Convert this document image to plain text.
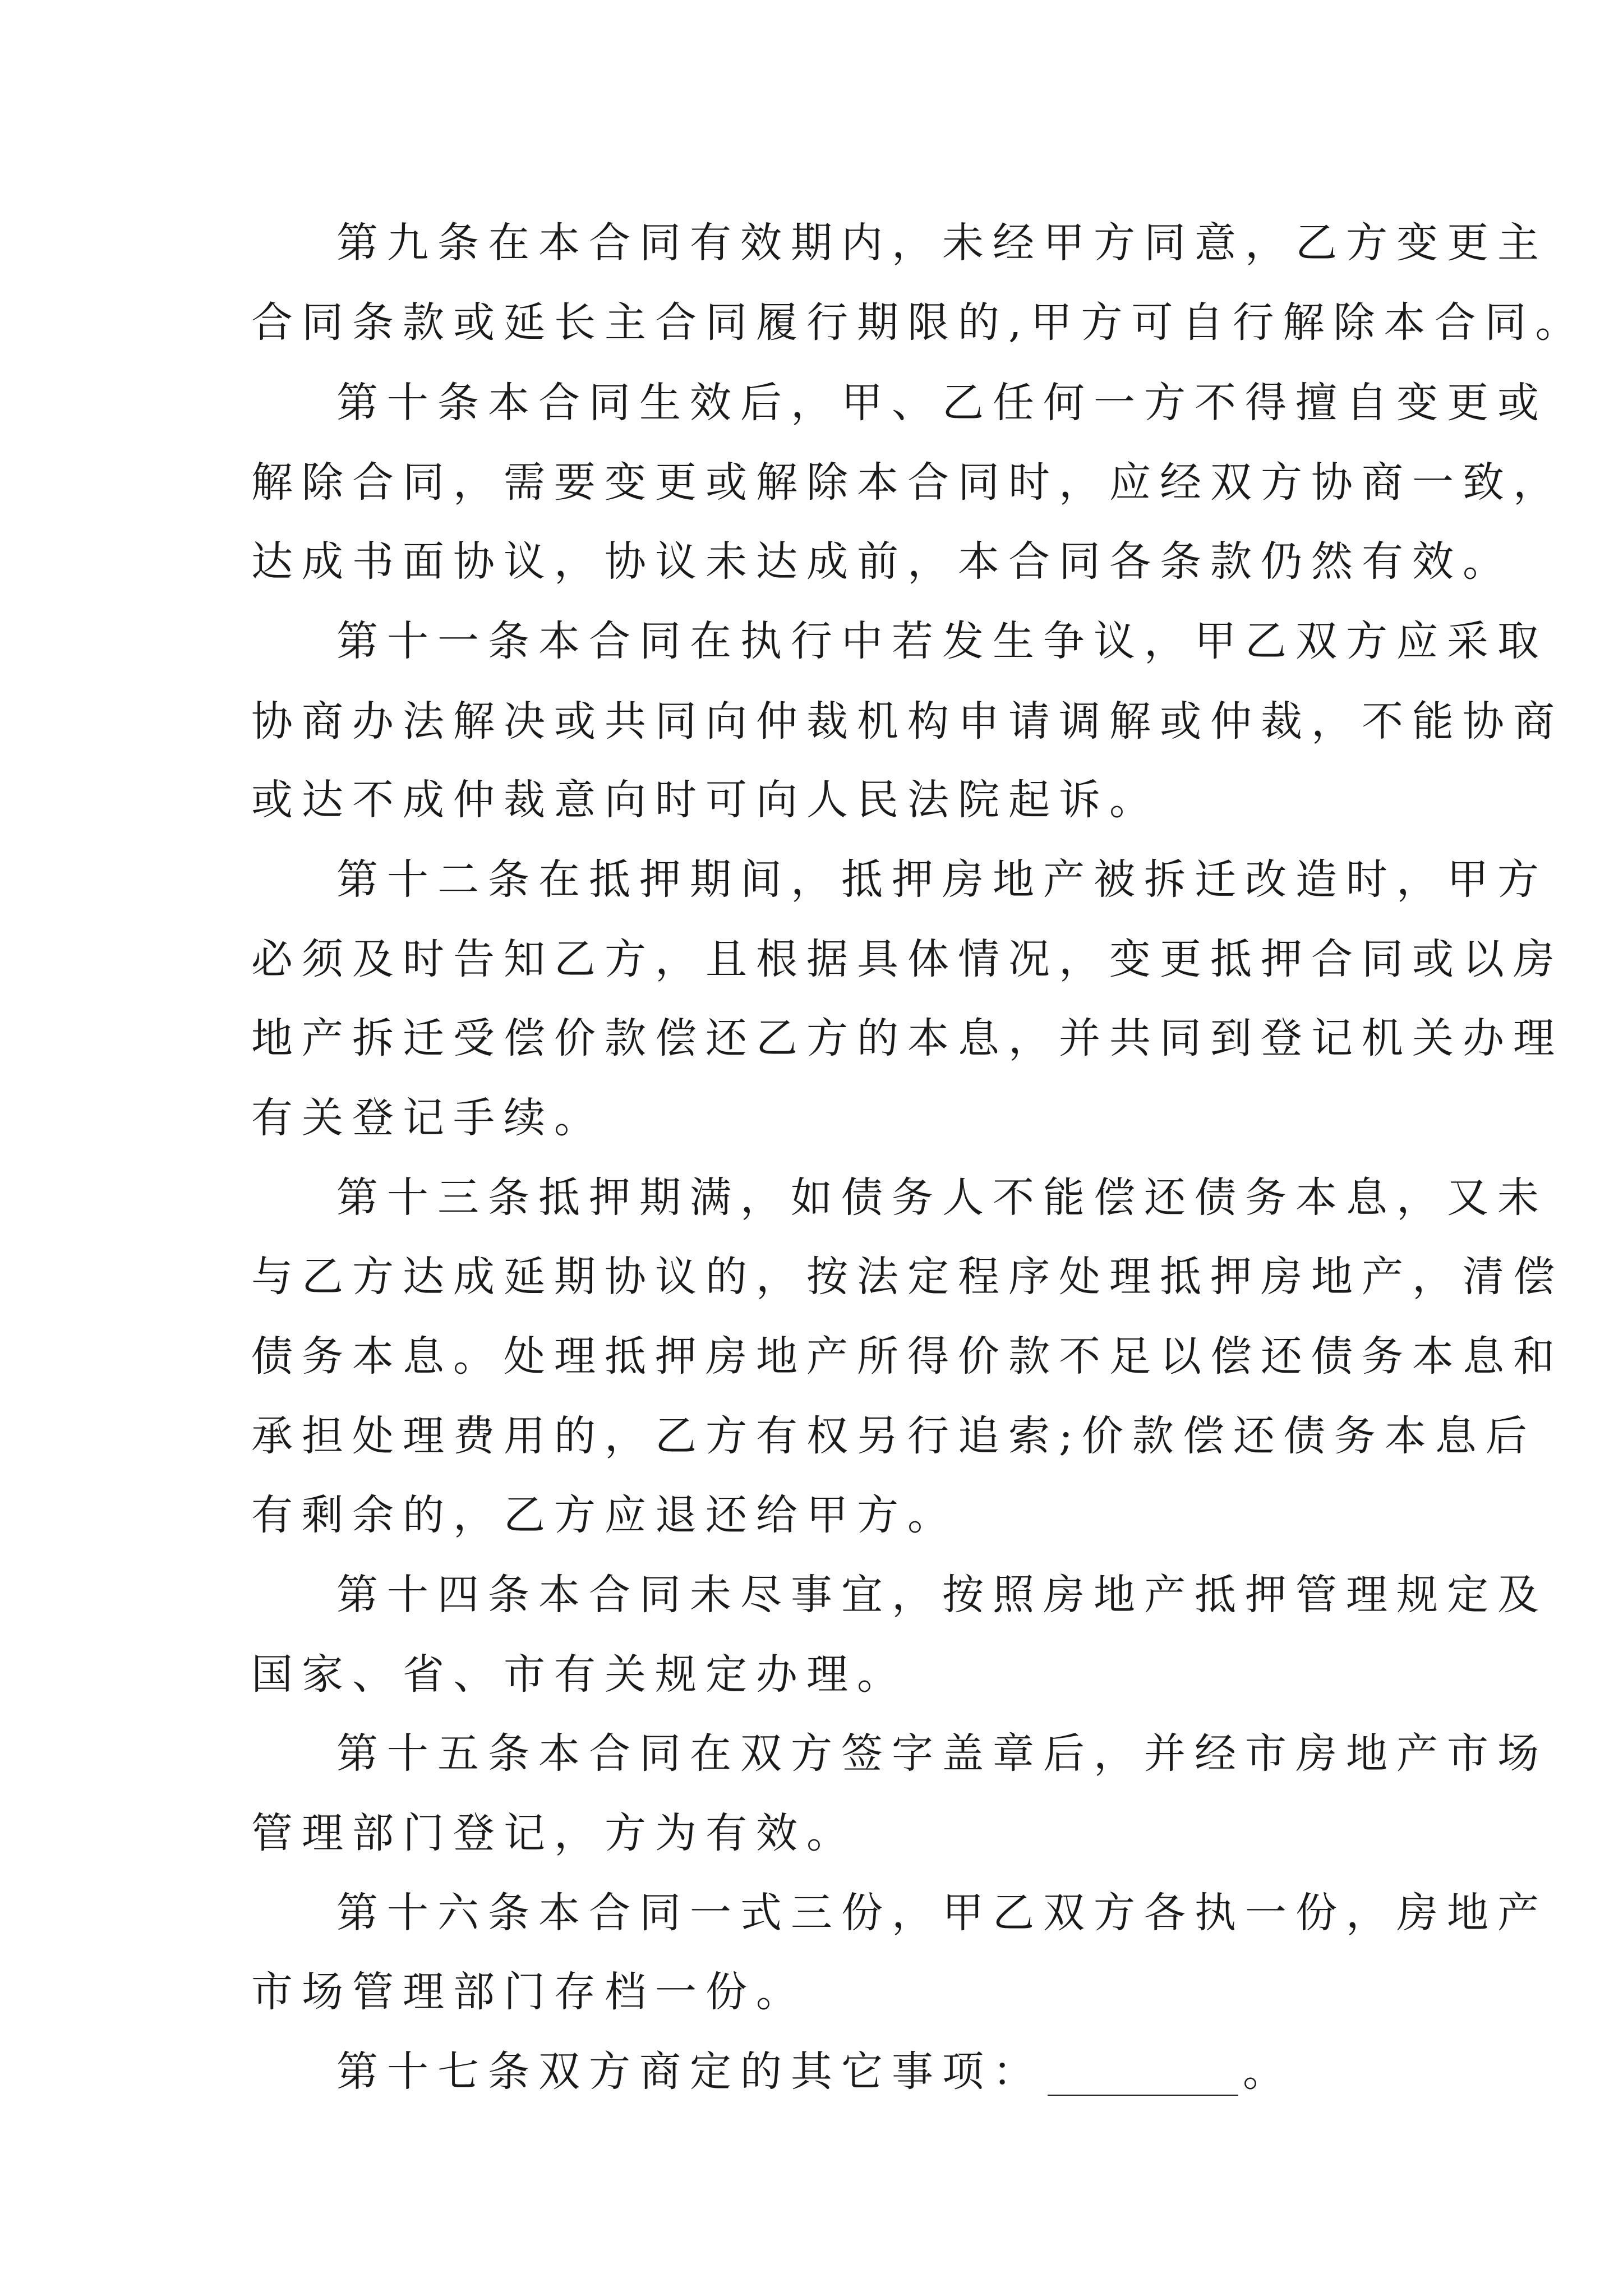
第九条在本合同有效期内，未经甲方同意，乙方变更主

合同条款或延长主合同履行期限的,甲方可自行解除本合同。

第十条本合同生效后，甲、乙任何一方不得擅自变更或

解除合同，需要变更或解除本合同时，应经双方协商一致，

达成书面协议，协议未达成前，本合同各条款仍然有效。

第十一条本合同在执行中若发生争议，甲乙双方应采取

协商办法解决或共同向仲裁机构申请调解或仲裁，不能协商

或达不成仲裁意向时可向人民法院起诉。

第十二条在抵押期间，抵押房地产被拆迁改造时，甲方

必须及时告知乙方，且根据具体情况，变更抵押合同或以房

地产拆迁受偿价款偿还乙方的本息，并共同到登记机关办理

有关登记手续。

第十三条抵押期满，如债务人不能偿还债务本息，又未

与乙方达成延期协议的，按法定程序处理抵押房地产，清偿

债务本息。处理抵押房地产所得价款不足以偿还债务本息和

承担处理费用的，乙方有权另行追索;价款偿还债务本息后

有剩余的，乙方应退还给甲方。

第十四条本合同未尽事宜，按照房地产抵押管理规定及

国家、省、市有关规定办理。

第十五条本合同在双方签字盖章后，并经市房地产市场

管理部门登记，方为有效。

第十六条本合同一式三份，甲乙双方各执一份，房地产

市场管理部门存档一份。

第十七条双方商定的其它事项：	。
